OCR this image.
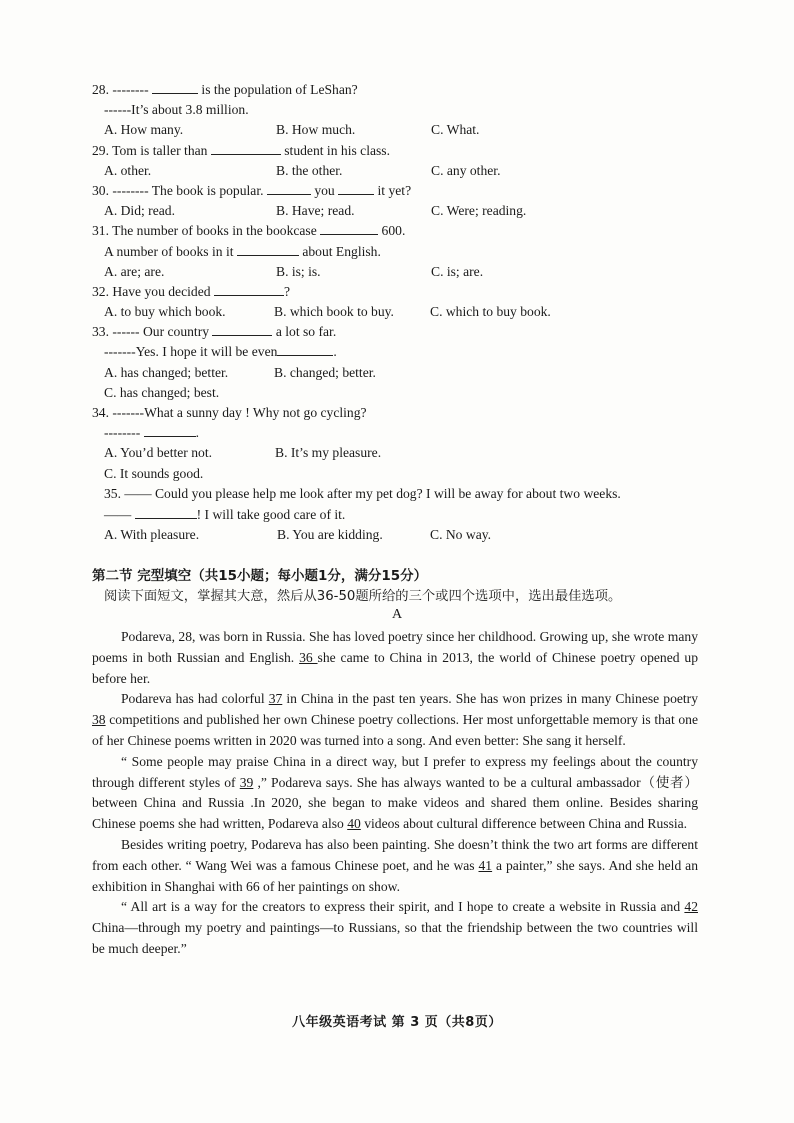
28. --------	is the population of LeShan?
------It’s about 3.8 million.
A. How many.	B. How much.	C. What.
29. Tom is taller than	student in his class.
A. other.	B. the other.	C. any other.
30. -------- The book is popular.	you	it yet?
A. Did; read.	B. Have; read.	C. Were; reading.
31. The number of books in the bookcase	600.
A number of books in it	about English.
A. are; are.	B. is; is.	C. is; are.
32. Have you decided	?
A. to buy which book.	B. which book to buy.	C. which to buy book.
33. ------ Our country	a lot so far.
-------Yes. I hope it will be even	.
A. has changed; better.	B. changed; better.
C. has changed; best.
34. -------What a sunny day ! Why not go cycling?
--------	.
A. You’d better not.	B. It’s my pleasure.
C. It sounds good.
35. —— Could you please help me look after my pet dog? I will be away for about two weeks.
——	! I will take good care of it.
A. With pleasure.	B. You are kidding.	C. No way.
第二节 完型填空（共15小题；每小题1分，满分15分）
阅读下面短文，掌握其大意，然后从36-50题所给的三个或四个选项中，选出最佳选项。
A

Podareva, 28, was born in Russia. She has loved poetry since her childhood. Growing up, she wrote many poems in both Russian and English. 36 she came to China in 2013, the world of Chinese poetry opened up before her.

Podareva has had colorful 37 in China in the past ten years. She has won prizes in many Chinese poetry 38 competitions and published her own Chinese poetry collections. Her most unforgettable memory is that one of her Chinese poems written in 2020 was turned into a song. And even better: She sang it herself.

“ Some people may praise China in a direct way, but I prefer to express my feelings about the country through different styles of 39 ,” Podareva says. She has always wanted to be a cultural ambassador（使者）between China and Russia .In 2020, she began to make videos and shared them online. Besides sharing Chinese poems she had written, Podareva also 40 videos about cultural difference between China and Russia.

Besides writing poetry, Podareva has also been painting. She doesn’t think the two art forms are different from each other. “ Wang Wei was a famous Chinese poet, and he was 41 a painter,” she says. And she held an exhibition in Shanghai with 66 of her paintings on show.

“ All art is a way for the creators to express their spirit, and I hope to create a website in Russia and 42 China—through my poetry and paintings—to Russians, so that the friendship between the two countries will be much deeper.”

八年级英语考试 第 3 页（共8页）
